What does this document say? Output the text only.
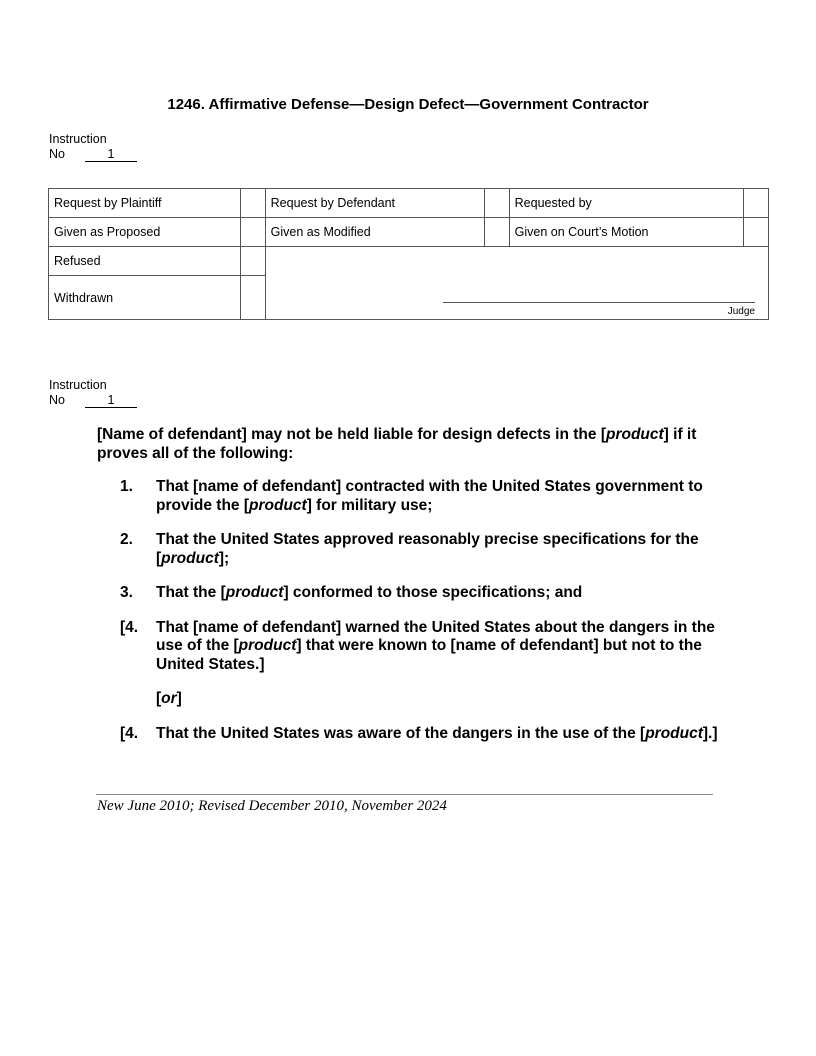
1246. Affirmative Defense—Design Defect—Government Contractor
Instruction
No	1
Request by Plaintiff		Request by Defendant		Requested by	
Given as Proposed		Given as Modified		Given on Court’s Motion	
Refused		Judge			

Withdrawn					
Instruction
No	1

[Name of defendant] may not be held liable for design defects in the [product] if it proves all of the following:

1.	That [name of defendant] contracted with the United States government to provide the [product] for military use;
2.	That the United States approved reasonably precise specifications for the [product];
3.	That the [product] conformed to those specifications; and
[4.	That [name of defendant] warned the United States about the dangers in the use of the [product] that were known to [name of defendant] but not to the United States.]
[or]
[4.	That the United States was aware of the dangers in the use of the [product].]
New June 2010; Revised December 2010, November 2024
